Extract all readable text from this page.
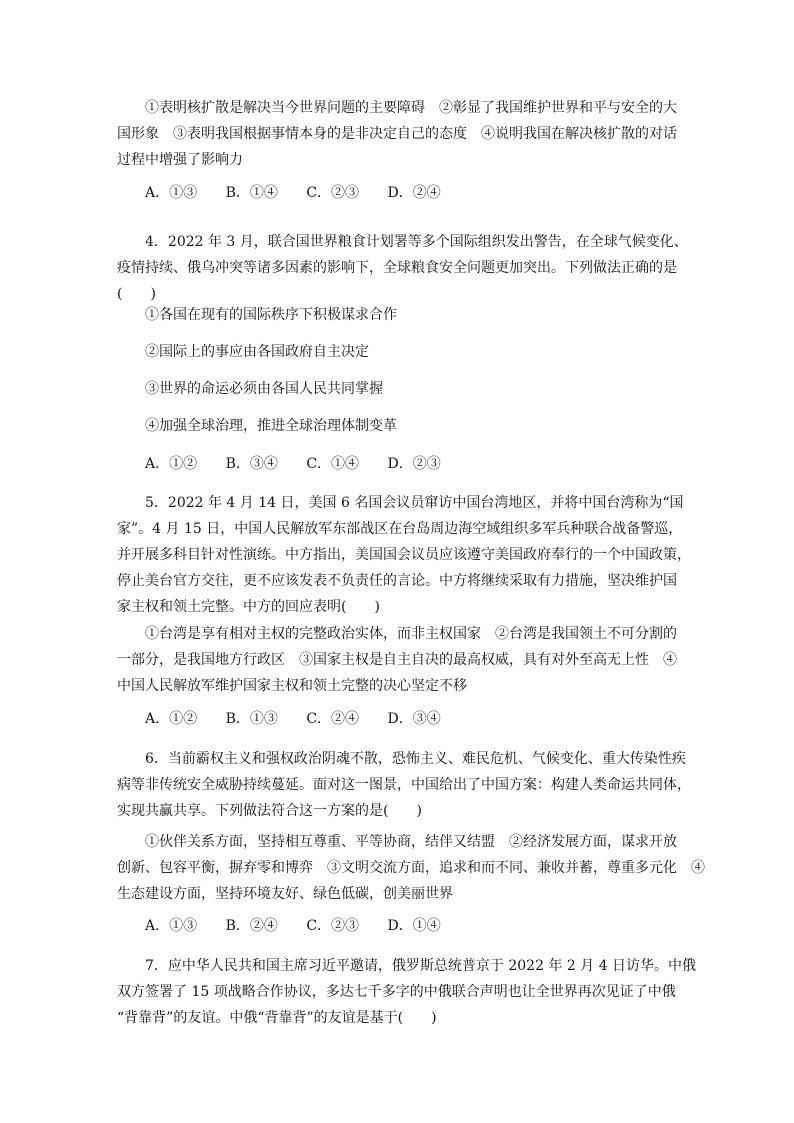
①表明核扩散是解决当今世界问题的主要障碍　②彰显了我国维护世界和平与安全的大
国形象　③表明我国根据事情本身的是非决定自己的态度　④说明我国在解决核扩散的对话
过程中增强了影响力
A．①③ B．①④ C．②③ D．②④
4．2022 年 3 月，联合国世界粮食计划署等多个国际组织发出警告，在全球气候变化、
疫情持续、俄乌冲突等诸多因素的影响下，全球粮食安全问题更加突出。下列做法正确的是
(　　)
①各国在现有的国际秩序下积极谋求合作
②国际上的事应由各国政府自主决定
③世界的命运必须由各国人民共同掌握
④加强全球治理，推进全球治理体制变革
A．①② B．③④ C．①④ D．②③
5．2022 年 4 月 14 日，美国 6 名国会议员窜访中国台湾地区，并将中国台湾称为“国
家”。4 月 15 日，中国人民解放军东部战区在台岛周边海空域组织多军兵种联合战备警巡，
并开展多科目针对性演练。中方指出，美国国会议员应该遵守美国政府奉行的一个中国政策，
停止美台官方交往，更不应该发表不负责任的言论。中方将继续采取有力措施，坚决维护国
家主权和领土完整。中方的回应表明(　　)
①台湾是享有相对主权的完整政治实体，而非主权国家　②台湾是我国领土不可分割的
一部分，是我国地方行政区　③国家主权是自主自决的最高权威，具有对外至高无上性　④
中国人民解放军维护国家主权和领土完整的决心坚定不移
A．①② B．①③ C．②④ D．③④
6．当前霸权主义和强权政治阴魂不散，恐怖主义、难民危机、气候变化、重大传染性疾
病等非传统安全威胁持续蔓延。面对这一图景，中国给出了中国方案：构建人类命运共同体，
实现共赢共享。下列做法符合这一方案的是(　　)
①伙伴关系方面，坚持相互尊重、平等协商，结伴又结盟　②经济发展方面，谋求开放
创新、包容平衡，摒弃零和博弈　③文明交流方面，追求和而不同、兼收并蓄，尊重多元化　④
生态建设方面，坚持环境友好、绿色低碳，创美丽世界
A．①③ B．②④ C．②③ D．①④
7．应中华人民共和国主席习近平邀请，俄罗斯总统普京于 2022 年 2 月 4 日访华。中俄
双方签署了 15 项战略合作协议，多达七千多字的中俄联合声明也让全世界再次见证了中俄
“背靠背”的友谊。中俄“背靠背”的友谊是基于(　　)
